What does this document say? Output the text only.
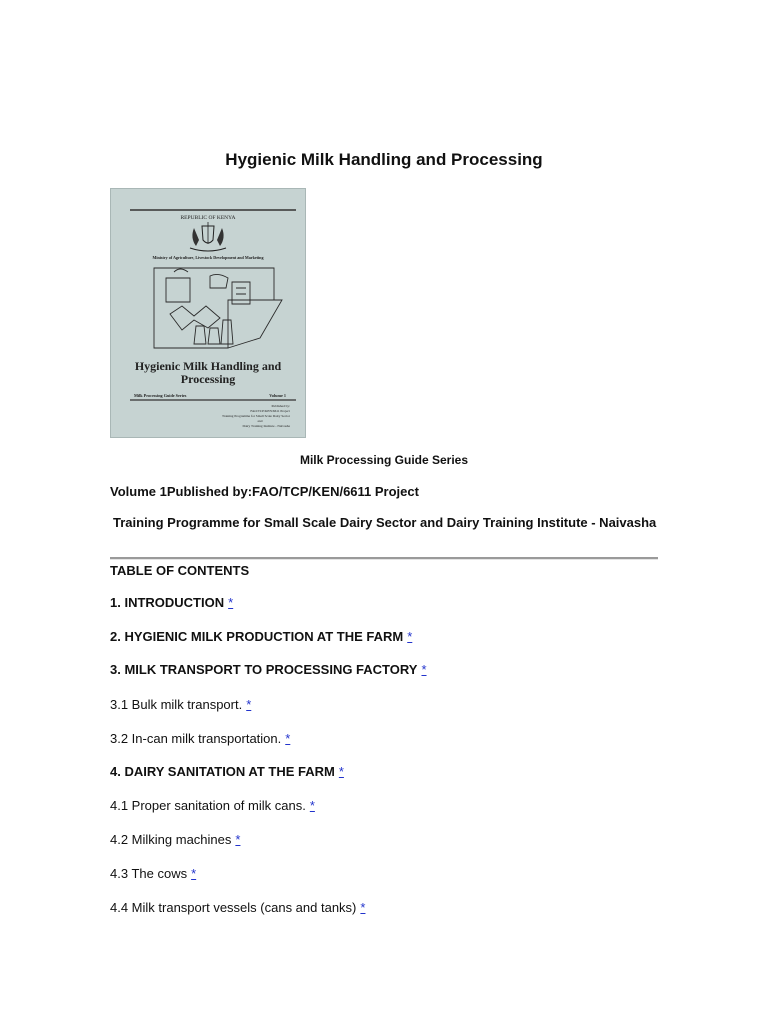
Hygienic Milk Handling and Processing
REPUBLIC OF KENYA
Ministry of Agriculture, Livestock Development and Marketing
Hygienic Milk Handling and
Processing
Milk Processing Guide Series	Volume 1
Published by:
FAO/TCP/KEN/6611 Project
Training Programme for Small Scale Dairy Sector
and
Dairy Training Institute - Naivasha
Milk Processing Guide Series
Volume 1Published by:FAO/TCP/KEN/6611 Project
Training Programme for Small Scale Dairy Sector and Dairy Training Institute - Naivasha
TABLE OF CONTENTS
1. INTRODUCTION *
2. HYGIENIC MILK PRODUCTION AT THE FARM *
3. MILK TRANSPORT TO PROCESSING FACTORY *
3.1 Bulk milk transport. *
3.2 In-can milk transportation. *
4. DAIRY SANITATION AT THE FARM *
4.1 Proper sanitation of milk cans. *
4.2 Milking machines *
4.3 The cows *
4.4 Milk transport vessels (cans and tanks) *
